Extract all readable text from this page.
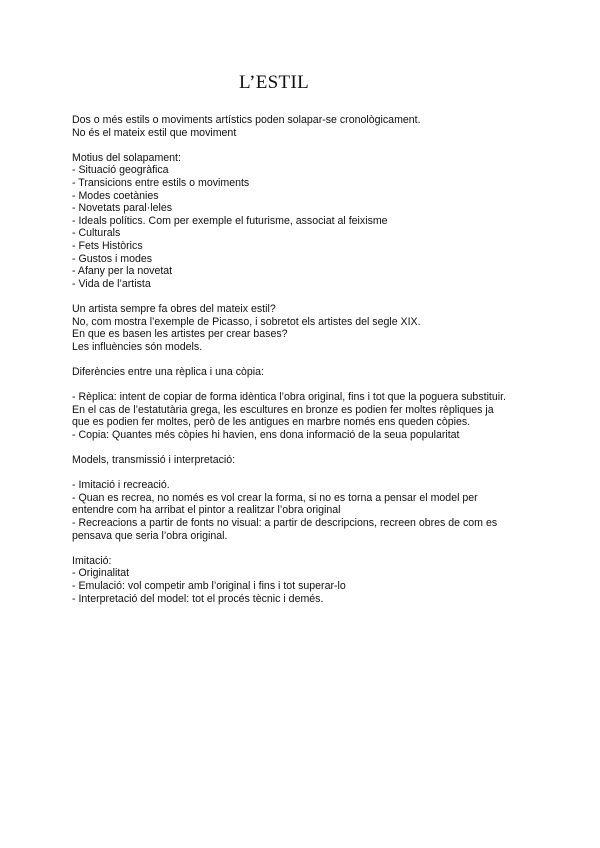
L’ESTIL

Dos o més estils o moviments artístics poden solapar-se cronològicament.
No és el mateix estil que moviment

Motius del solapament:
- Situació geogràfica
- Transicions entre estils o moviments
- Modes coetànies
- Novetats paral·leles
- Ideals polítics. Com per exemple el futurisme, associat al feixisme
- Culturals
- Fets Històrics
- Gustos i modes
- Afany per la novetat
- Vida de l’artista

Un artista sempre fa obres del mateix estil?
No, com mostra l’exemple de Picasso, i sobretot els artistes del segle XIX.
En que es basen les artistes per crear bases?
Les influències són models.

Diferències entre una rèplica i una còpia:

- Rèplica: intent de copiar de forma idèntica l’obra original, fins i tot que la poguera substituir.
En el cas de l’estatutària grega, les escultures en bronze es podien fer moltes rèpliques ja que es podien fer moltes, però de les antigues en marbre només ens queden còpies.
- Copia: Quantes més còpies hi havien, ens dona informació de la seua popularitat

Models, transmissió i interpretació:

- Imitació i recreació.
- Quan es recrea, no només es vol crear la forma, si no es torna a pensar el model per entendre com ha arribat el pintor a realitzar l’obra original
- Recreacions a partir de fonts no visual: a partir de descripcions, recreen obres de com es pensava que seria l’obra original.

Imitació:
- Originalitat
- Emulació: vol competir amb l’original i fins i tot superar-lo
- Interpretació del model: tot el procés tècnic i demés.
